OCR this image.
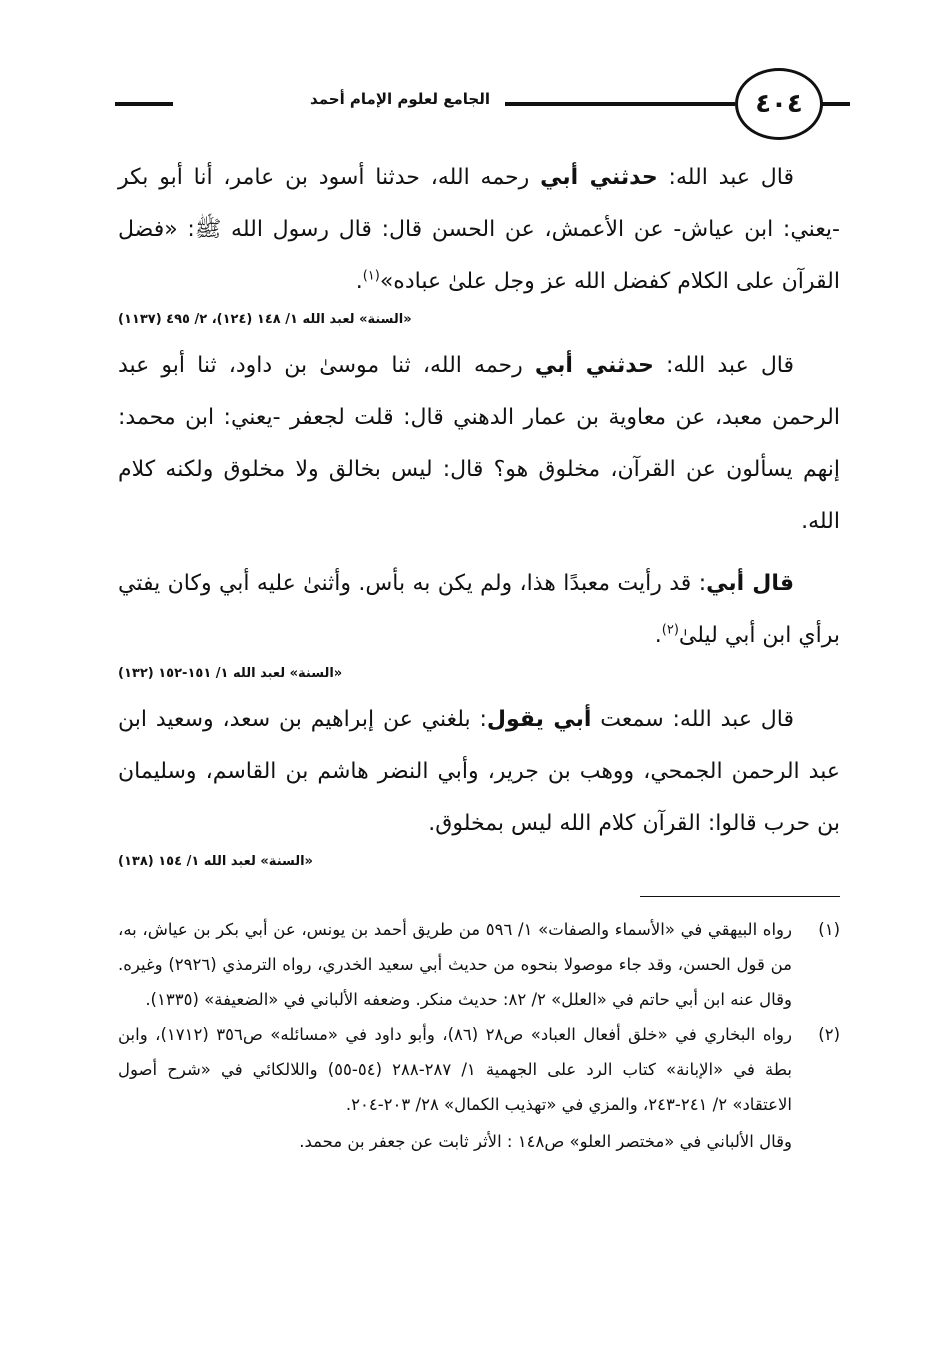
الجامع لعلوم الإمام أحمد	٤٠٤

قال عبد الله: حدثني أبي رحمه الله، حدثنا أسود بن عامر، أنا أبو بكر -يعني: ابن عياش- عن الأعمش، عن الحسن قال: قال رسول الله ﷺ: «فضل القرآن على الكلام كفضل الله عز وجل علىٰ عباده»$^{(١)}$.

«السنة» لعبد الله ١/ ١٤٨ (١٢٤)، ٢/ ٤٩٥ (١١٣٧)

قال عبد الله: حدثني أبي رحمه الله، ثنا موسىٰ بن داود، ثنا أبو عبد الرحمن معبد، عن معاوية بن عمار الدهني قال: قلت لجعفر -يعني: ابن محمد: إنهم يسألون عن القرآن، مخلوق هو؟ قال: ليس بخالق ولا مخلوق ولكنه كلام الله.

قال أبي: قد رأيت معبدًا هذا، ولم يكن به بأس. وأثنىٰ عليه أبي وكان يفتي برأي ابن أبي ليلىٰ$^{(٢)}$.

«السنة» لعبد الله ١/ ١٥١-١٥٢ (١٣٢)

قال عبد الله: سمعت أبي يقول: بلغني عن إبراهيم بن سعد، وسعيد ابن عبد الرحمن الجمحي، ووهب بن جرير، وأبي النضر هاشم بن القاسم، وسليمان بن حرب قالوا: القرآن كلام الله ليس بمخلوق.

«السنة» لعبد الله ١/ ١٥٤ (١٣٨)

(١)
رواه البيهقي في «الأسماء والصفات» ١/ ٥٩٦ من طريق أحمد بن يونس، عن أبي بكر بن عياش، به، من قول الحسن، وقد جاء موصولا بنحوه من حديث أبي سعيد الخدري، رواه الترمذي (٢٩٢٦) وغيره. وقال عنه ابن أبي حاتم في «العلل» ٢/ ٨٢: حديث منكر. وضعفه الألباني في «الضعيفة» (١٣٣٥).
(٢)
رواه البخاري في «خلق أفعال العباد» ص٢٨ (٨٦)، وأبو داود في «مسائله» ص٣٥٦ (١٧١٢)، وابن بطة في «الإبانة» كتاب الرد على الجهمية ١/ ٢٨٧-٢٨٨ (٥٤-٥٥) واللالكائي في «شرح أصول الاعتقاد» ٢/ ٢٤١-٢٤٣، والمزي في «تهذيب الكمال» ٢٨/ ٢٠٣-٢٠٤.

وقال الألباني في «مختصر العلو» ص١٤٨ : الأثر ثابت عن جعفر بن محمد.
